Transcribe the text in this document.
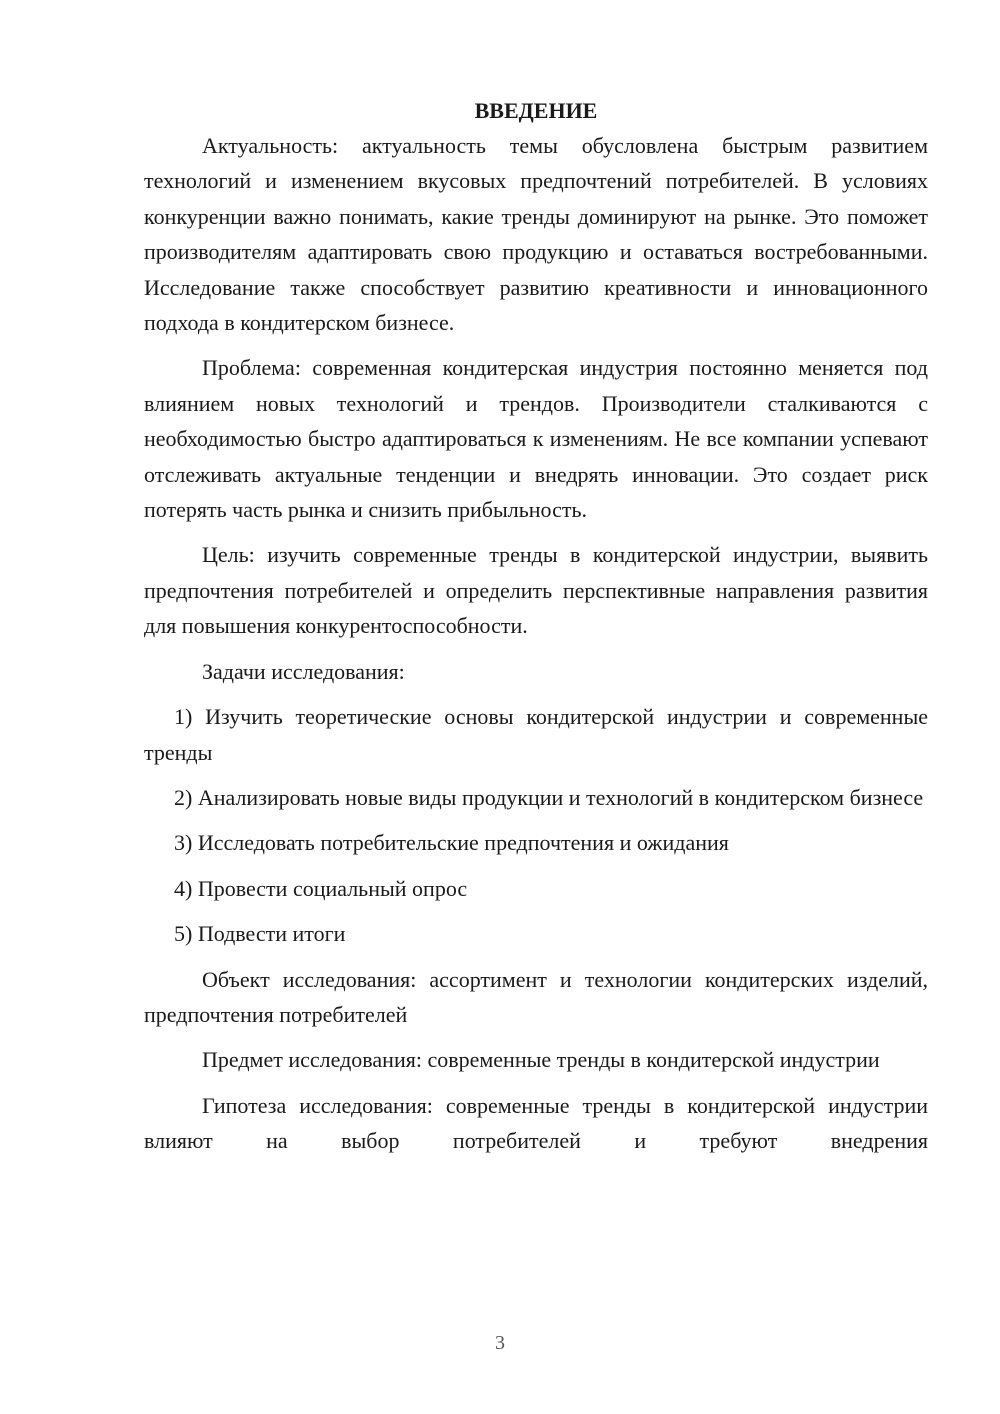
ВВЕДЕНИЕ

Актуальность: актуальность темы обусловлена быстрым развитием технологий и изменением вкусовых предпочтений потребителей. В условиях конкуренции важно понимать, какие тренды доминируют на рынке. Это поможет производителям адаптировать свою продукцию и оставаться востребованными. Исследование также способствует развитию креативности и инновационного подхода в кондитерском бизнесе.

Проблема: современная кондитерская индустрия постоянно меняется под влиянием новых технологий и трендов. Производители сталкиваются с необходимостью быстро адаптироваться к изменениям. Не все компании успевают отслеживать актуальные тенденции и внедрять инновации. Это создает риск потерять часть рынка и снизить прибыльность.

Цель: изучить современные тренды в кондитерской индустрии, выявить предпочтения потребителей и определить перспективные направления развития для повышения конкурентоспособности.

Задачи исследования:

1) Изучить теоретические основы кондитерской индустрии и современные тренды

2) Анализировать новые виды продукции и технологий в кондитерском бизнесе

3) Исследовать потребительские предпочтения и ожидания

4) Провести социальный опрос

5) Подвести итоги

Объект исследования: ассортимент и технологии кондитерских изделий, предпочтения потребителей

Предмет исследования: современные тренды в кондитерской индустрии

Гипотеза исследования: современные тренды в кондитерской индустрии влияют на выбор потребителей и требуют внедрения

3
